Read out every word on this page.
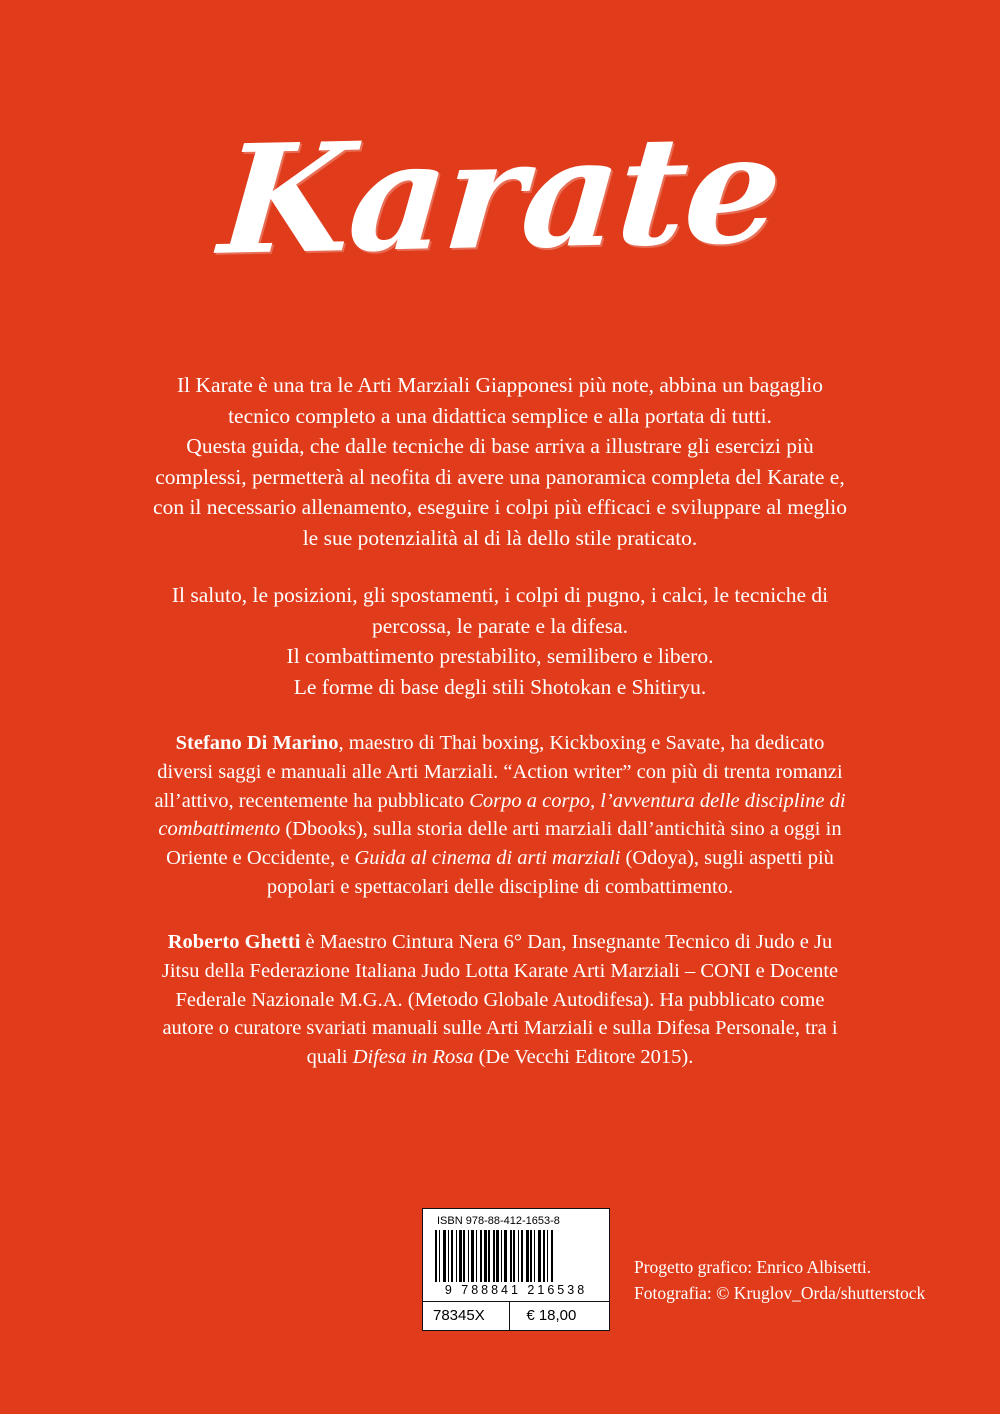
Karate

Il Karate è una tra le Arti Marziali Giapponesi più note, abbina un bagaglio tecnico completo a una didattica semplice e alla portata di tutti.

Questa guida, che dalle tecniche di base arriva a illustrare gli esercizi più complessi, permetterà al neofita di avere una panoramica completa del Karate e, con il necessario allenamento, eseguire i colpi più efficaci e sviluppare al meglio le sue potenzialità al di là dello stile praticato.

Il saluto, le posizioni, gli spostamenti, i colpi di pugno, i calci, le tecniche di percossa, le parate e la difesa.

Il combattimento prestabilito, semilibero e libero.

Le forme di base degli stili Shotokan e Shitiryu.

Stefano Di Marino, maestro di Thai boxing, Kickboxing e Savate, ha dedicato diversi saggi e manuali alle Arti Marziali. “Action writer” con più di trenta romanzi all’attivo, recentemente ha pubblicato Corpo a corpo, l’avventura delle discipline di combattimento (Dbooks), sulla storia delle arti marziali dall’antichità sino a oggi in Oriente e Occidente, e Guida al cinema di arti marziali (Odoya), sugli aspetti più popolari e spettacolari delle discipline di combattimento.

Roberto Ghetti è Maestro Cintura Nera 6° Dan, Insegnante Tecnico di Judo e Ju Jitsu della Federazione Italiana Judo Lotta Karate Arti Marziali – CONI e Docente Federale Nazionale M.G.A. (Metodo Globale Autodifesa). Ha pubblicato come autore o curatore svariati manuali sulle Arti Marziali e sulla Difesa Personale, tra i quali Difesa in Rosa (De Vecchi Editore 2015).

ISBN 978-88-412-1653-8
9 788841 216538
78345X	€ 18,00
Progetto grafico: Enrico Albisetti.
Fotografia: © Kruglov_Orda/shutterstock
